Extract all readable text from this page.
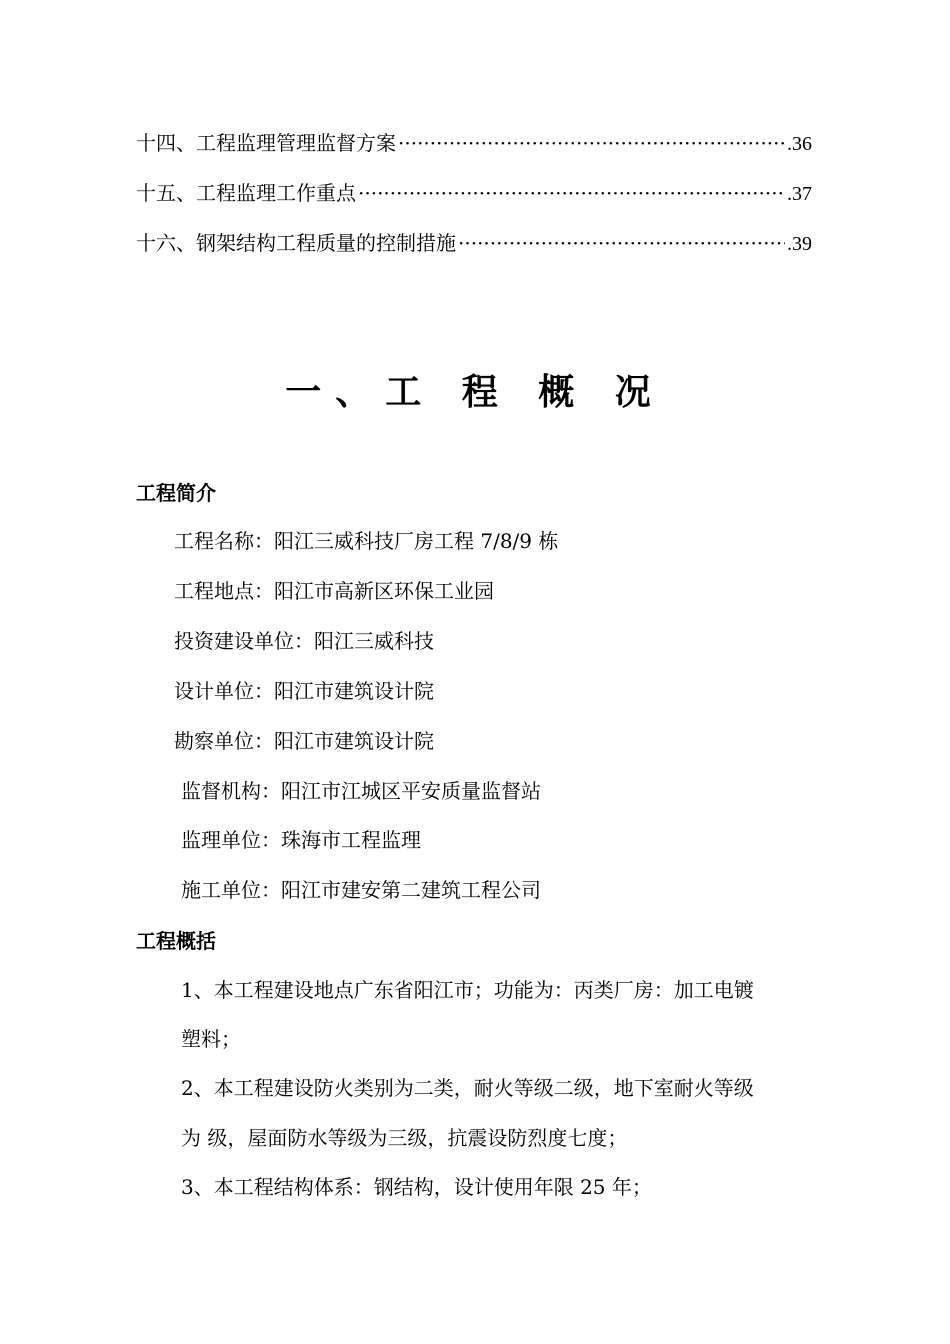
十四、工程监理管理监督方案 ·····	.36
十五、工程监理工作重点 ·····	.37
十六、钢架结构工程质量的控制措施 ·····	.39
一、工 程 概 况
工程简介
工程名称：阳江三威科技厂房工程 7/8/9 栋
工程地点：阳江市高新区环保工业园
投资建设单位：阳江三威科技
设计单位：阳江市建筑设计院
勘察单位：阳江市建筑设计院
监督机构：阳江市江城区平安质量监督站
监理单位：珠海市工程监理
施工单位：阳江市建安第二建筑工程公司
工程概括
1、本工程建设地点广东省阳江市；功能为：丙类厂房：加工电镀
塑料；
2、本工程建设防火类别为二类，耐火等级二级，地下室耐火等级
为 级，屋面防水等级为三级，抗震设防烈度七度；
3、本工程结构体系：钢结构，设计使用年限 25 年；
